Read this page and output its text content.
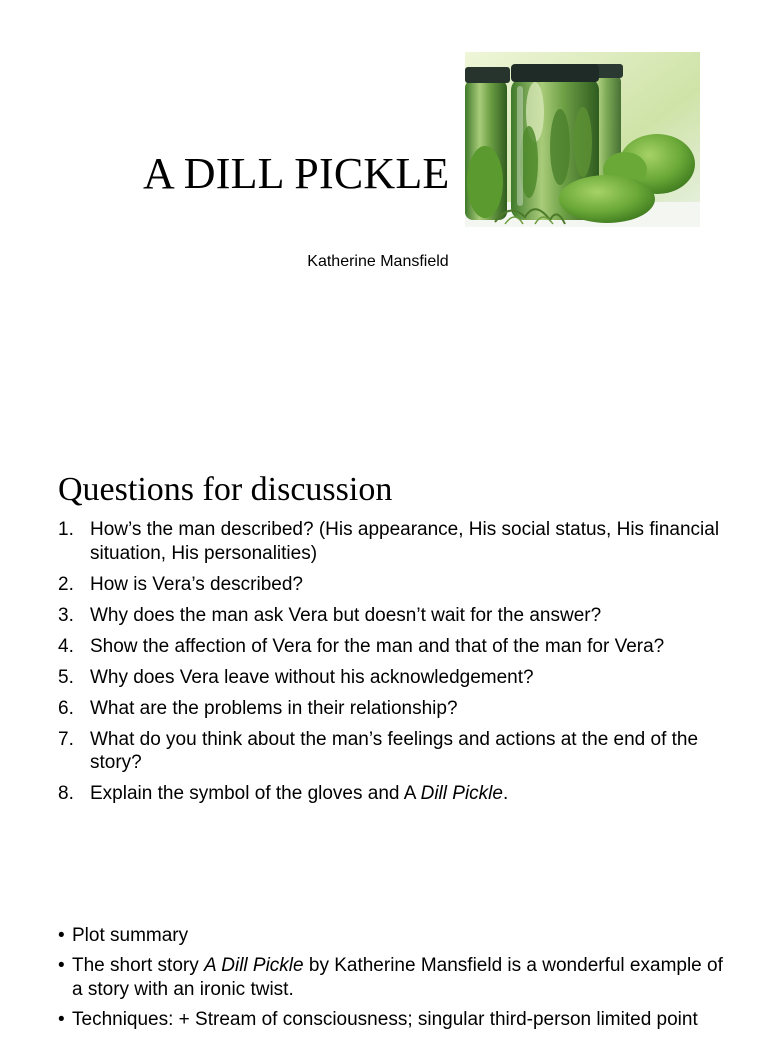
A DILL PICKLE
Katherine Mansfield
Questions for discussion
1. How’s the man described? (His appearance, His social status, His financial situation, His personalities)
2. How is Vera’s described?
3. Why does the man ask Vera but doesn’t wait for the answer?
4. Show the affection of Vera for the man and that of the man for Vera?
5. Why does Vera leave without his acknowledgement?
6. What are the problems in their relationship?
7. What do you think about the man’s feelings and actions at the end of the story?
8. Explain the symbol of the gloves and A Dill Pickle.
• Plot summary
• The short story A Dill Pickle by Katherine Mansfield is a wonderful example of a story with an ironic twist.
• Techniques: + Stream of consciousness; singular third-person limited point
